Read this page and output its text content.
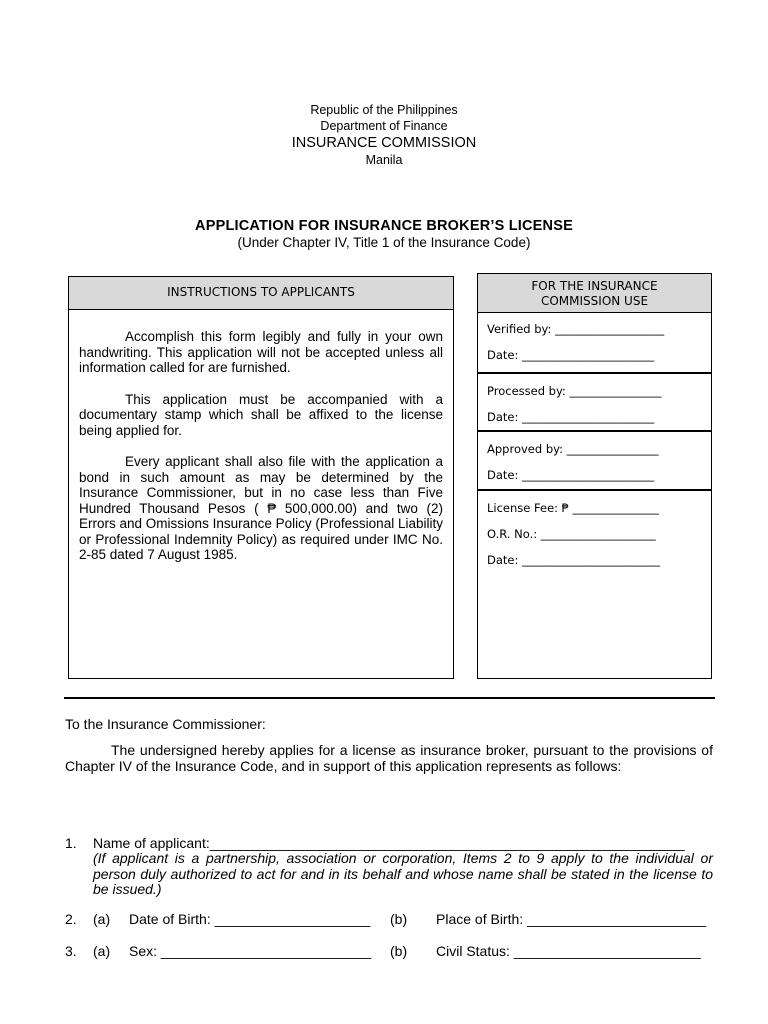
Republic of the Philippines
Department of Finance
INSURANCE COMMISSION
Manila
APPLICATION FOR INSURANCE BROKER’S LICENSE
(Under Chapter IV, Title 1 of the Insurance Code)
INSTRUCTIONS TO APPLICANTS

Accomplish this form legibly and fully in your own handwriting. This application will not be accepted unless all information called for are furnished.

This application must be accompanied with a documentary stamp which shall be affixed to the license being applied for.

Every applicant shall also file with the application a bond in such amount as may be determined by the Insurance Commissioner, but in no case less than Five Hundred Thousand Pesos ( ₱ 500,000.00) and two (2) Errors and Omissions Insurance Policy (Professional Liability or Professional Indemnity Policy) as required under IMC No. 2-85 dated 7 August 1985.

FOR THE INSURANCE
COMMISSION USE
Verified by: ___________________
Date: _______________________
Processed by: ________________
Date: _______________________
Approved by: ________________
Date: _______________________
License Fee: ₱ _______________
O.R. No.: ____________________
Date: ________________________
To the Insurance Commissioner:
The undersigned hereby applies for a license as insurance broker, pursuant to the provisions of Chapter IV of the Insurance Code, and in support of this application represents as follows:
1. Name of applicant:_____________________________________________________________
(If applicant is a partnership, association or corporation, Items 2 to 9 apply to the individual or person duly authorized to act for and in its behalf and whose name shall be stated in the license to be issued.)
2. (a) Date of Birth: ____________________ (b) Place of Birth: _______________________
3. (a) Sex: ___________________________ (b) Civil Status: ________________________
